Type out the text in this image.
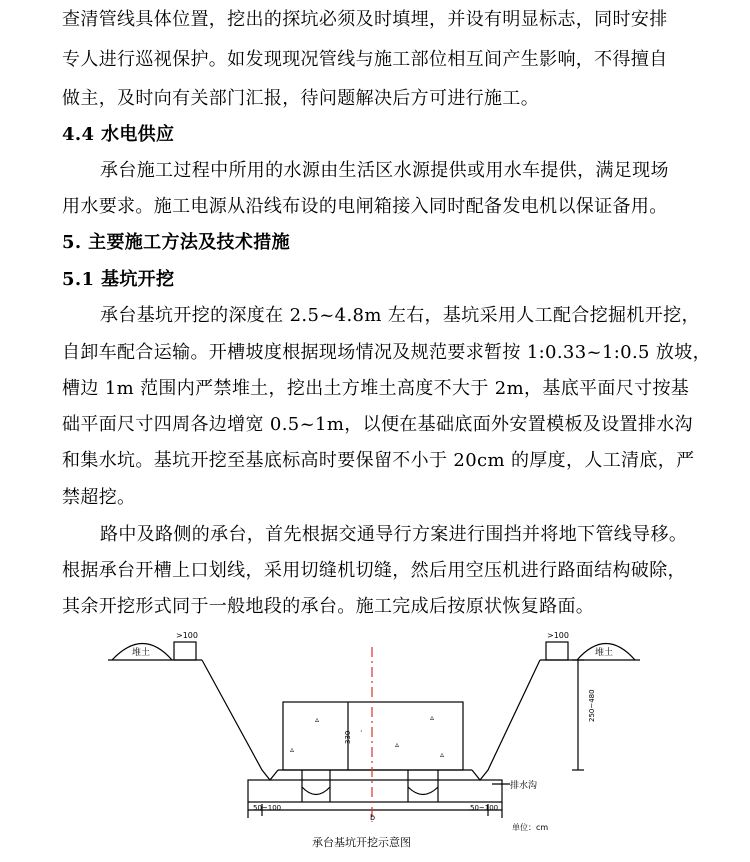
查清管线具体位置，挖出的探坑必须及时填埋，并设有明显标志，同时安排
专人进行巡视保护。如发现现况管线与施工部位相互间产生影响，不得擅自
做主，及时向有关部门汇报，待问题解决后方可进行施工。
4.4 水电供应
承台施工过程中所用的水源由生活区水源提供或用水车提供，满足现场
用水要求。施工电源从沿线布设的电闸箱接入同时配备发电机以保证备用。
5. 主要施工方法及技术措施
5.1 基坑开挖
承台基坑开挖的深度在 2.5~4.8m 左右，基坑采用人工配合挖掘机开挖，
自卸车配合运输。开槽坡度根据现场情况及规范要求暂按 1:0.33~1:0.5 放坡，
槽边 1m 范围内严禁堆土，挖出土方堆土高度不大于 2m，基底平面尺寸按基
础平面尺寸四周各边增宽 0.5~1m，以便在基础底面外安置模板及设置排水沟
和集水坑。基坑开挖至基底标高时要保留不小于 20cm 的厚度，人工清底，严
禁超挖。
路中及路侧的承台，首先根据交通导行方案进行围挡并将地下管线导移。
根据承台开槽上口划线，采用切缝机切缝，然后用空压机进行路面结构破除，
其余开挖形式同于一般地段的承台。施工完成后按原状恢复路面。
▵	▵
▵
▵
▵
·
堆土	堆土
>100	>100
250~480
330
排水沟
50~100	50~100
b
单位：cm
承台基坑开挖示意图
